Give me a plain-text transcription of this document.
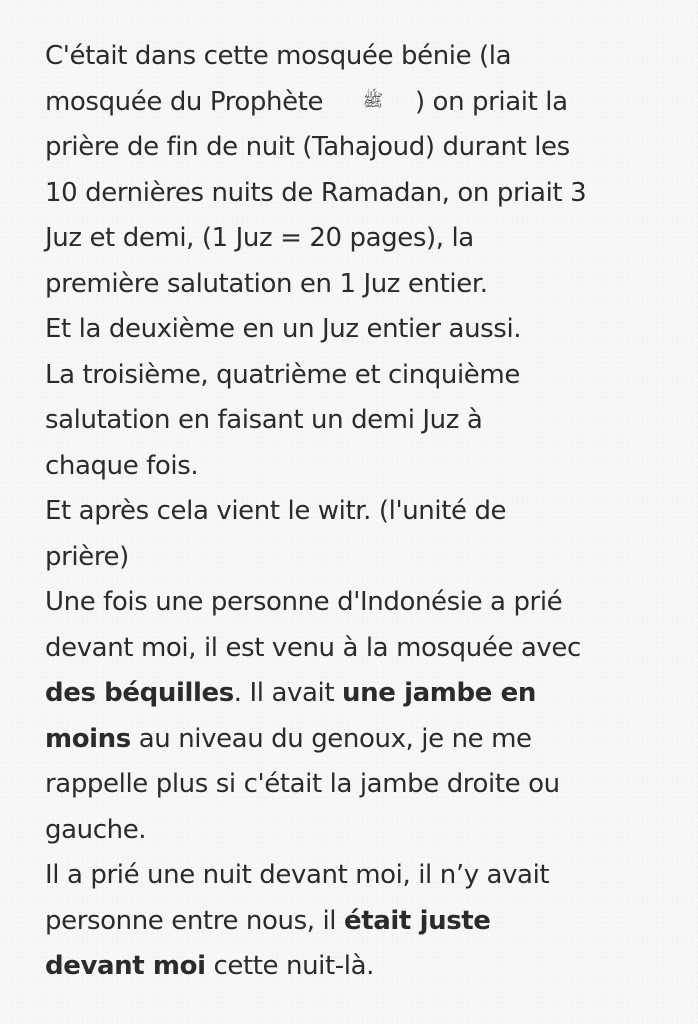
C'était dans cette mosquée bénie (la
mosquée du Prophète ﷺ ) on priait la
prière de fin de nuit (Tahajoud) durant les
10 dernières nuits de Ramadan, on priait 3
Juz et demi, (1 Juz = 20 pages), la
première salutation en 1 Juz entier.
Et la deuxième en un Juz entier aussi.
La troisième, quatrième et cinquième
salutation en faisant un demi Juz à
chaque fois.
Et après cela vient le witr. (l'unité de
prière)
Une fois une personne d'Indonésie a prié
devant moi, il est venu à la mosquée avec
des béquilles. Il avait une jambe en
moins au niveau du genoux, je ne me
rappelle plus si c'était la jambe droite ou
gauche.
Il a prié une nuit devant moi, il n’y avait
personne entre nous, il était juste
devant moi cette nuit-là.
